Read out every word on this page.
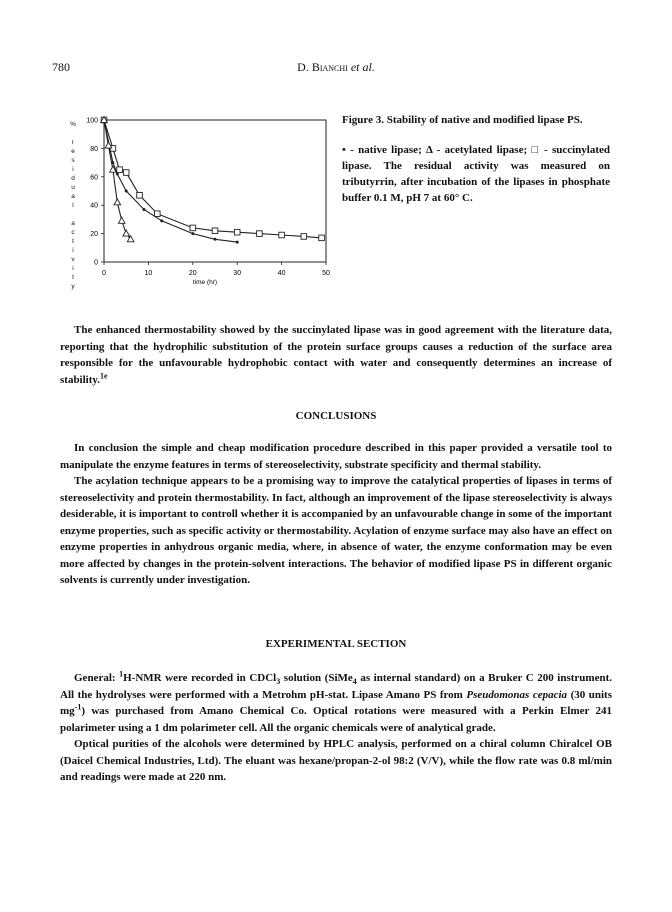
780	D. Bianchi et al.
0	10	20	30	40	50
0
20
40
60
80
100
time (hr)
%

r
e
s
i
d
u
a
l

a
c
t
i
v
i
t
y
Figure 3. Stability of native and modified lipase PS.
• - native lipase; Δ - acetylated lipase; □ - succinylated lipase. The residual activity was measured on tributyrrin, after incubation of the lipases in phosphate buffer 0.1 M, pH 7 at 60° C.
The enhanced thermostability showed by the succinylated lipase was in good agreement with the literature data, reporting that the hydrophilic substitution of the protein surface groups causes a reduction of the surface area responsible for the unfavourable hydrophobic contact with water and consequently determines an increase of stability.$^{1e}$
CONCLUSIONS
In conclusion the simple and cheap modification procedure described in this paper provided a versatile tool to manipulate the enzyme features in terms of stereoselectivity, substrate specificity and thermal stability.
The acylation technique appears to be a promising way to improve the catalytical properties of lipases in terms of stereoselectivity and protein thermostability. In fact, although an improvement of the lipase stereoselectivity is always desiderable, it is important to controll whether it is accompanied by an unfavourable change in some of the important enzyme properties, such as specific activity or thermostability. Acylation of enzyme surface may also have an effect on enzyme properties in anhydrous organic media, where, in absence of water, the enzyme conformation may be even more affected by changes in the protein-solvent interactions. The behavior of modified lipase PS in different organic solvents is currently under investigation.
EXPERIMENTAL SECTION
General: $^1$H-NMR were recorded in CDCl$_3$ solution (SiMe$_4$ as internal standard) on a Bruker C 200 instrument. All the hydrolyses were performed with a Metrohm pH-stat. Lipase Amano PS from Pseudomonas cepacia (30 units $mg^{-1}$) was purchased from Amano Chemical Co. Optical rotations were measured with a Perkin Elmer 241 polarimeter using a 1 dm polarimeter cell. All the organic chemicals were of analytical grade.
Optical purities of the alcohols were determined by HPLC analysis, performed on a chiral column Chiralcel OB (Daicel Chemical Industries, Ltd). The eluant was hexane/propan-2-ol 98:2 (V/V), while the flow rate was 0.8 ml/min and readings were made at 220 nm.
